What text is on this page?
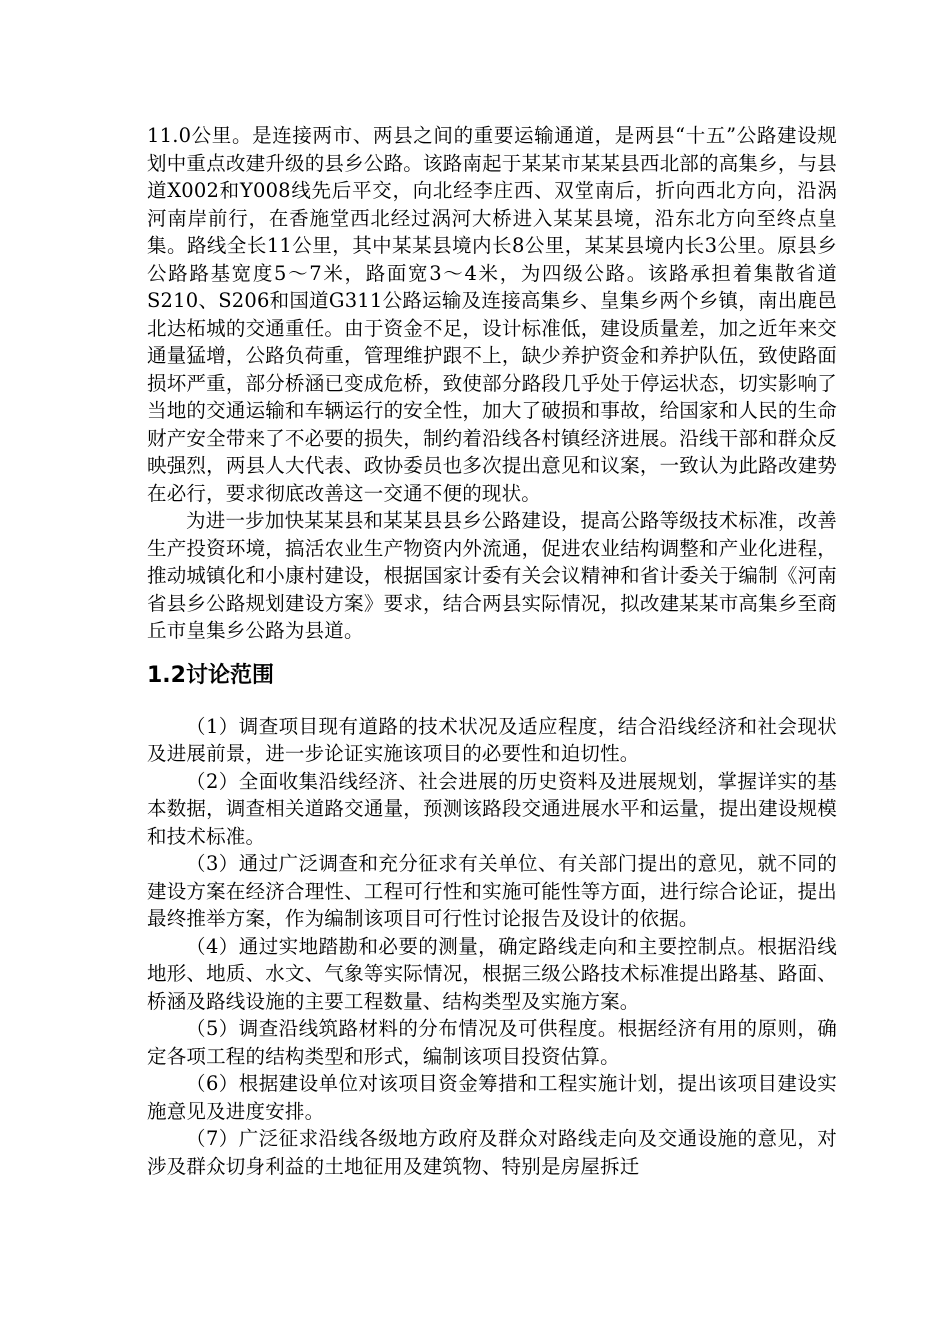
11.0公里。是连接两市、两县之间的重要运输通道，是两县“十五”公路建设规划中重点改建升级的县乡公路。该路南起于某某市某某县西北部的高集乡，与县道X002和Y008线先后平交，向北经李庄西、双堂南后，折向西北方向，沿涡河南岸前行，在香施堂西北经过涡河大桥进入某某县境，沿东北方向至终点皇集。路线全长11公里，其中某某县境内长8公里，某某县境内长3公里。原县乡公路路基宽度5～7米，路面宽3～4米，为四级公路。该路承担着集散省道S210、S206和国道G311公路运输及连接高集乡、皇集乡两个乡镇，南出鹿邑北达柘城的交通重任。由于资金不足，设计标准低，建设质量差，加之近年来交通量猛增，公路负荷重，管理维护跟不上，缺少养护资金和养护队伍，致使路面损坏严重，部分桥涵已变成危桥，致使部分路段几乎处于停运状态，切实影响了当地的交通运输和车辆运行的安全性，加大了破损和事故，给国家和人民的生命财产安全带来了不必要的损失，制约着沿线各村镇经济进展。沿线干部和群众反映强烈，两县人大代表、政协委员也多次提出意见和议案，一致认为此路改建势在必行，要求彻底改善这一交通不便的现状。

为进一步加快某某县和某某县县乡公路建设，提高公路等级技术标准，改善生产投资环境，搞活农业生产物资内外流通，促进农业结构调整和产业化进程，推动城镇化和小康村建设，根据国家计委有关会议精神和省计委关于编制《河南省县乡公路规划建设方案》要求，结合两县实际情况，拟改建某某市高集乡至商丘市皇集乡公路为县道。

1.2讨论范围

（1）调查项目现有道路的技术状况及适应程度，结合沿线经济和社会现状及进展前景，进一步论证实施该项目的必要性和迫切性。

（2）全面收集沿线经济、社会进展的历史资料及进展规划，掌握详实的基本数据，调查相关道路交通量，预测该路段交通进展水平和运量，提出建设规模和技术标准。

（3）通过广泛调查和充分征求有关单位、有关部门提出的意见，就不同的建设方案在经济合理性、工程可行性和实施可能性等方面，进行综合论证，提出最终推举方案，作为编制该项目可行性讨论报告及设计的依据。

（4）通过实地踏勘和必要的测量，确定路线走向和主要控制点。根据沿线地形、地质、水文、气象等实际情况，根据三级公路技术标准提出路基、路面、桥涵及路线设施的主要工程数量、结构类型及实施方案。

（5）调查沿线筑路材料的分布情况及可供程度。根据经济有用的原则，确定各项工程的结构类型和形式，编制该项目投资估算。

（6）根据建设单位对该项目资金筹措和工程实施计划，提出该项目建设实施意见及进度安排。

（7）广泛征求沿线各级地方政府及群众对路线走向及交通设施的意见，对涉及群众切身利益的土地征用及建筑物、特别是房屋拆迁
